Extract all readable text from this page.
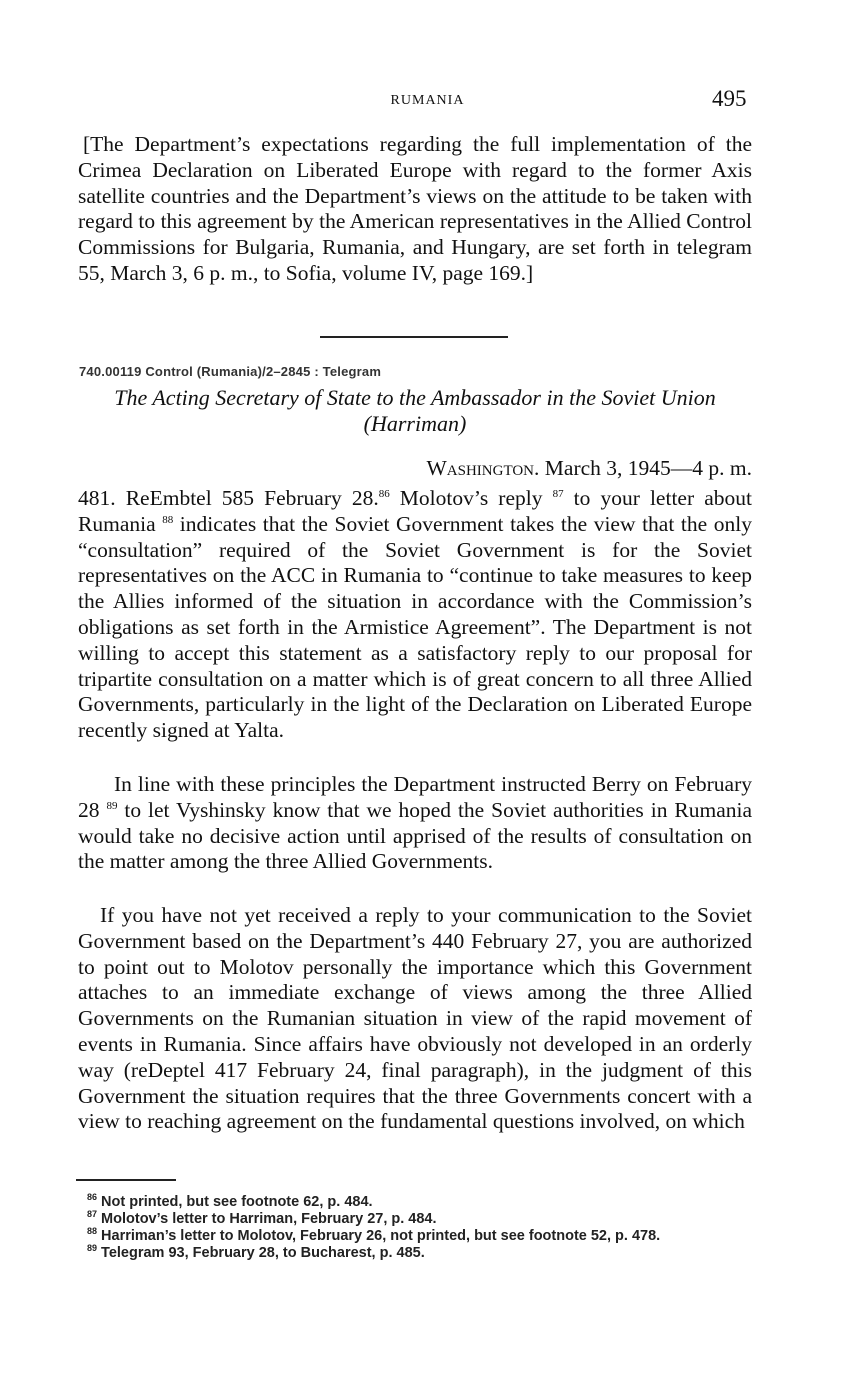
RUMANIA	495

[The Department’s expectations regarding the full implementation of the Crimea Declaration on Liberated Europe with regard to the former Axis satellite countries and the Department’s views on the attitude to be taken with regard to this agreement by the American representatives in the Allied Control Commissions for Bulgaria, Rumania, and Hungary, are set forth in telegram 55, March 3, 6 p. m., to Sofia, volume IV, page 169.]

740.00119 Control (Rumania)/2–2845 : Telegram
The Acting Secretary of State to the Ambassador in the Soviet Union
(Harriman)
Washington. March 3, 1945—4 p. m.

481. ReEmbtel 585 February 28.86 Molotov’s reply $^{87}$ to your letter about Rumania $^{88}$ indicates that the Soviet Government takes the view that the only “consultation” required of the Soviet Government is for the Soviet representatives on the ACC in Rumania to “continue to take measures to keep the Allies informed of the situation in accordance with the Commission’s obligations as set forth in the Armistice Agreement”. The Department is not willing to accept this statement as a satisfactory reply to our proposal for tripartite consultation on a matter which is of great concern to all three Allied Governments, particularly in the light of the Declaration on Liberated Europe recently signed at Yalta.

In line with these principles the Department instructed Berry on February 28 $^{89}$ to let Vyshinsky know that we hoped the Soviet authorities in Rumania would take no decisive action until apprised of the results of consultation on the matter among the three Allied Governments.

If you have not yet received a reply to your communication to the Soviet Government based on the Department’s 440 February 27, you are authorized to point out to Molotov personally the importance which this Government attaches to an immediate exchange of views among the three Allied Governments on the Rumanian situation in view of the rapid movement of events in Rumania. Since affairs have obviously not developed in an orderly way (reDeptel 417 February 24, final paragraph), in the judgment of this Government the situation requires that the three Governments concert with a view to reaching agreement on the fundamental questions involved, on which

$^{86}$ Not printed, but see footnote 62, p. 484.

$^{87}$ Molotov’s letter to Harriman, February 27, p. 484.

$^{88}$ Harriman’s letter to Molotov, February 26, not printed, but see footnote 52, p. 478.

$^{89}$ Telegram 93, February 28, to Bucharest, p. 485.
